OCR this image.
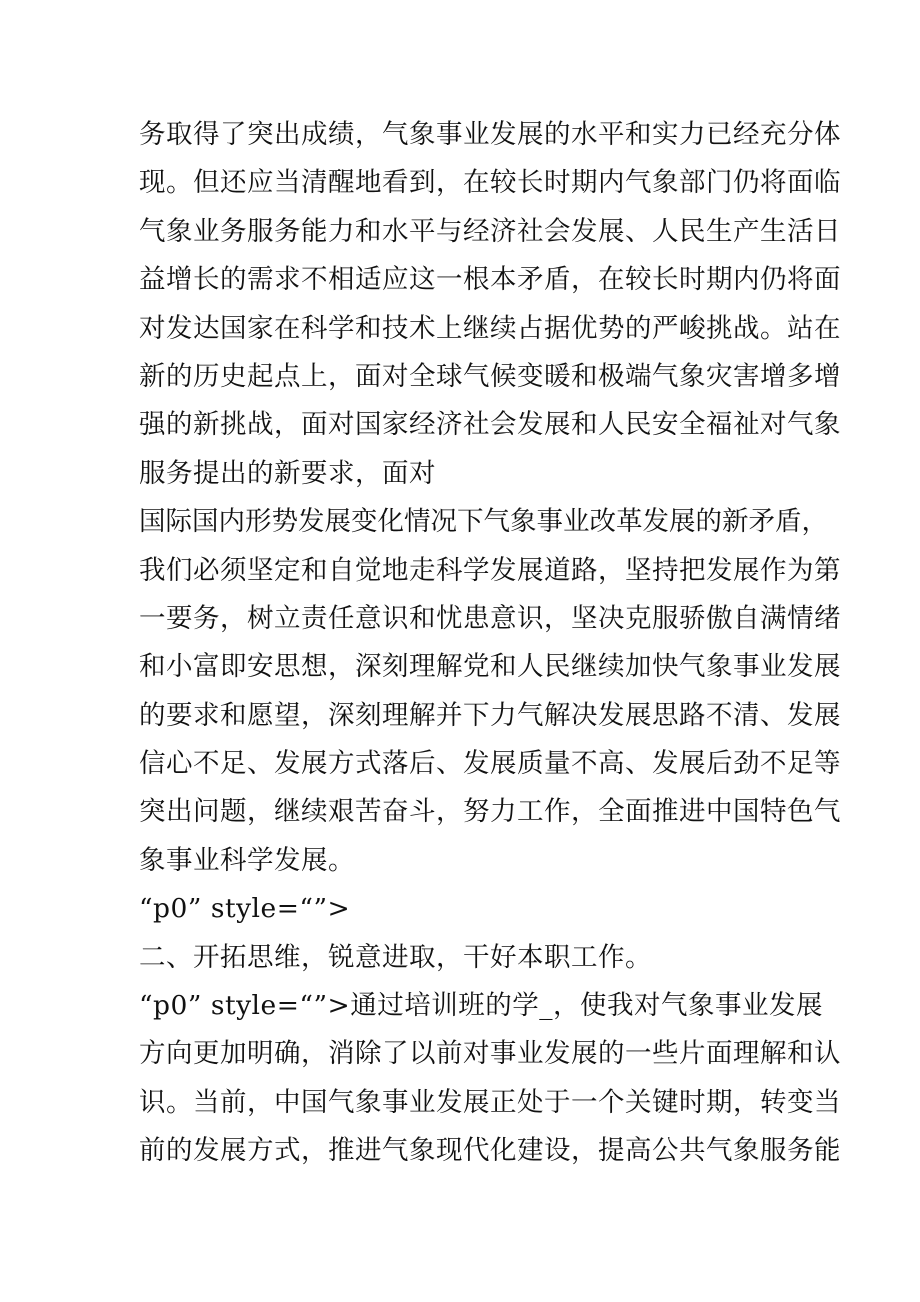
务取得了突出成绩，气象事业发展的水平和实力已经充分体
现。但还应当清醒地看到，在较长时期内气象部门仍将面临
气象业务服务能力和水平与经济社会发展、人民生产生活日
益增长的需求不相适应这一根本矛盾，在较长时期内仍将面
对发达国家在科学和技术上继续占据优势的严峻挑战。站在
新的历史起点上，面对全球气候变暖和极端气象灾害增多增
强的新挑战，面对国家经济社会发展和人民安全福祉对气象
服务提出的新要求，面对
国际国内形势发展变化情况下气象事业改革发展的新矛盾，
我们必须坚定和自觉地走科学发展道路，坚持把发展作为第
一要务，树立责任意识和忧患意识，坚决克服骄傲自满情绪
和小富即安思想，深刻理解党和人民继续加快气象事业发展
的要求和愿望，深刻理解并下力气解决发展思路不清、发展
信心不足、发展方式落后、发展质量不高、发展后劲不足等
突出问题，继续艰苦奋斗，努力工作，全面推进中国特色气
象事业科学发展。
“p0” style=“”>
二、开拓思维，锐意进取，干好本职工作。
“p0” style=“”>通过培训班的学_，使我对气象事业发展
方向更加明确，消除了以前对事业发展的一些片面理解和认
识。当前，中国气象事业发展正处于一个关键时期，转变当
前的发展方式，推进气象现代化建设，提高公共气象服务能
